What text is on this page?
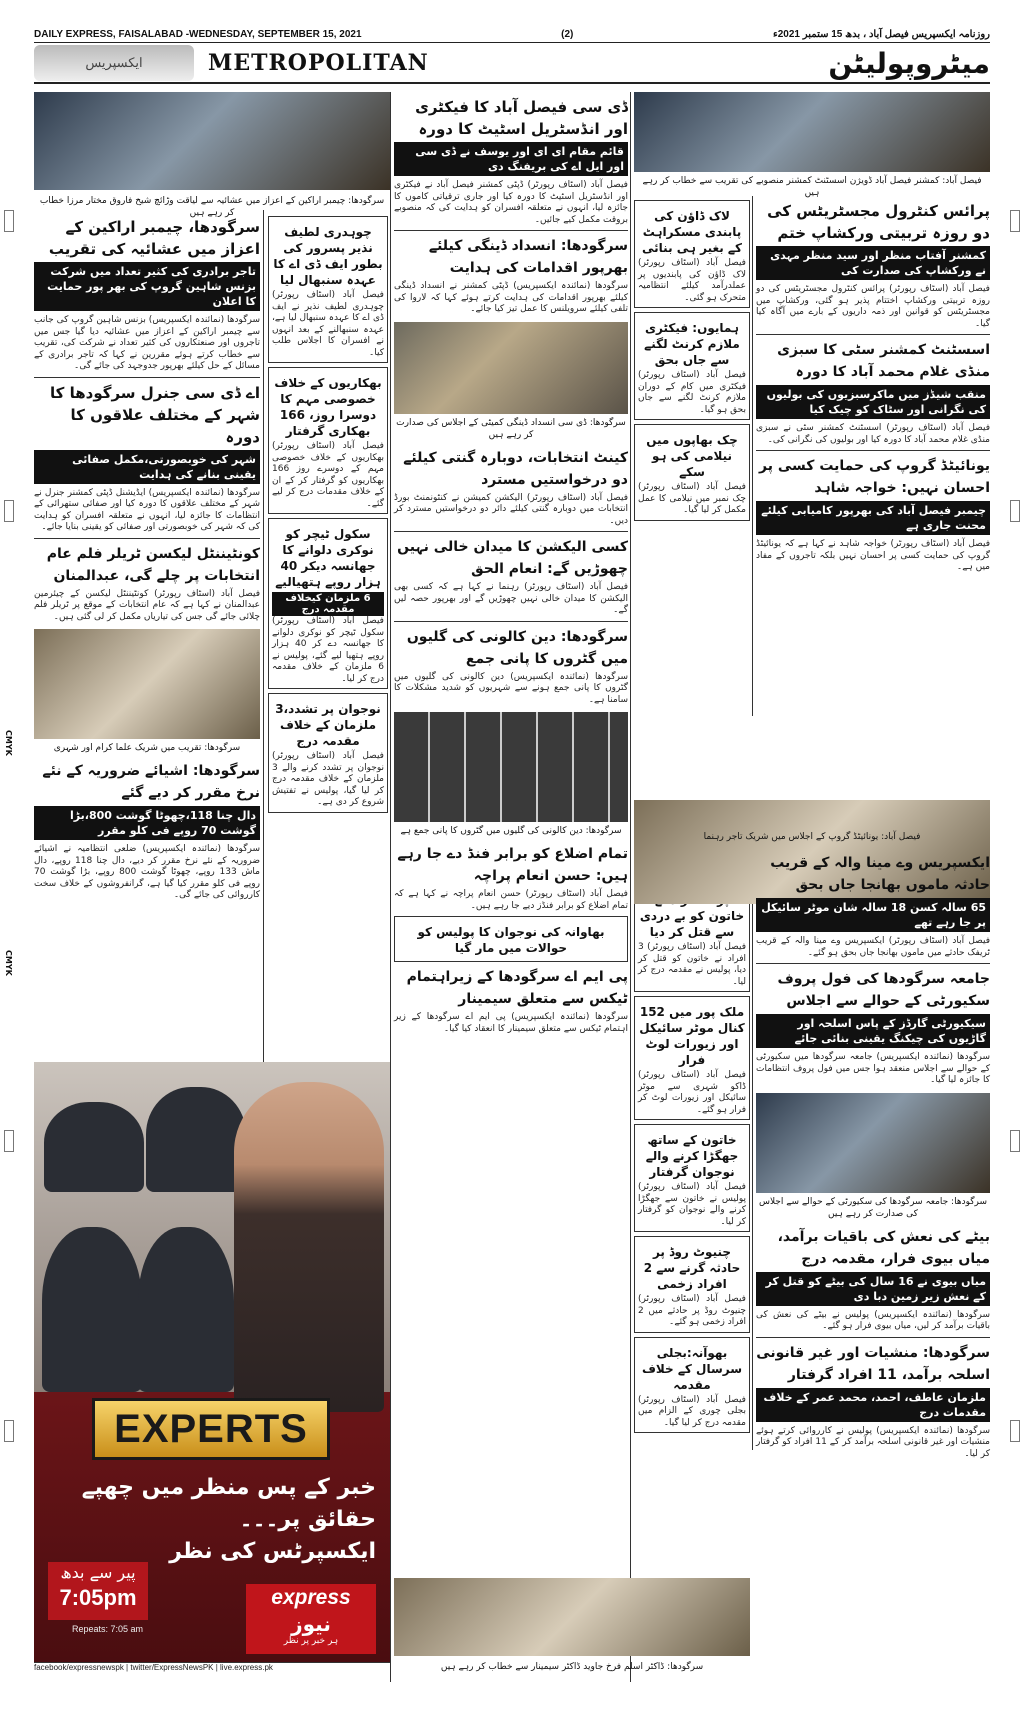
DAILY EXPRESS, FAISALABAD -WEDNESDAY, SEPTEMBER 15, 2021	(2)	روزنامہ ایکسپریس فیصل آباد ، بدھ 15 ستمبر 2021ء
ایکسپریس	METROPOLITAN	میٹروپولیٹن
سرگودھا: چیمبر اراکین کے اعزاز میں عشائیہ سے لیاقت وڑائچ شیخ فاروق مختار مرزا خطاب کر رہے ہیں
سرگودھا، چیمبر اراکین کے اعزاز میں عشائیہ کی تقریب
تاجر برادری کی کثیر تعداد میں شرکت بزنس شاہین گروپ کی بھر پور حمایت کا اعلان
سرگودھا (نمائندہ ایکسپریس) بزنس شاہین گروپ کی جانب سے چیمبر اراکین کے اعزاز میں عشائیہ دیا گیا جس میں تاجروں اور صنعتکاروں کی کثیر تعداد نے شرکت کی، تقریب سے خطاب کرتے ہوئے مقررین نے کہا کہ تاجر برادری کے مسائل کے حل کیلئے بھرپور جدوجہد کی جائے گی۔
اے ڈی سی جنرل سرگودھا کا شہر کے مختلف علاقوں کا دورہ
شہر کی خوبصورتی،مکمل صفائی یقینی بنانے کی ہدایت
سرگودھا (نمائندہ ایکسپریس) ایڈیشنل ڈپٹی کمشنر جنرل نے شہر کے مختلف علاقوں کا دورہ کیا اور صفائی ستھرائی کے انتظامات کا جائزہ لیا، انہوں نے متعلقہ افسران کو ہدایت کی کہ شہر کی خوبصورتی اور صفائی کو یقینی بنایا جائے۔
کونٹیننٹل لیکسن ٹریلر فلم عام انتخابات پر چلے گی، عبدالمنان
فیصل آباد (اسٹاف رپورٹر) کونٹیننٹل لیکسن کے چیئرمین عبدالمنان نے کہا ہے کہ عام انتخابات کے موقع پر ٹریلر فلم چلائی جائے گی جس کی تیاریاں مکمل کر لی گئی ہیں۔
سرگودھا: تقریب میں شریک علما کرام اور شہری
سرگودھا: اشیائے ضروریہ کے نئے نرخ مقرر کر دیے گئے
دال چنا 118،چھوٹا گوشت 800،بڑا گوشت 70 روپے فی کلو مقرر
سرگودھا (نمائندہ ایکسپریس) ضلعی انتظامیہ نے اشیائے ضروریہ کے نئے نرخ مقرر کر دیے، دال چنا 118 روپے، دال ماش 133 روپے، چھوٹا گوشت 800 روپے، بڑا گوشت 70 روپے فی کلو مقرر کیا گیا ہے، گرانفروشوں کے خلاف سخت کارروائی کی جائے گی۔
چوہدری لطیف نذیر پسرور کی بطور ایف ڈی اے کا عہدہ سنبھال لیا
فیصل آباد (اسٹاف رپورٹر) چوہدری لطیف نذیر نے ایف ڈی اے کا عہدہ سنبھال لیا ہے، عہدہ سنبھالنے کے بعد انہوں نے افسران کا اجلاس طلب کیا۔
بھکاریوں کے خلاف خصوصی مہم کا دوسرا روز، 166 بھکاری گرفتار
فیصل آباد (اسٹاف رپورٹر) بھکاریوں کے خلاف خصوصی مہم کے دوسرے روز 166 بھکاریوں کو گرفتار کر کے ان کے خلاف مقدمات درج کر لیے گئے۔
سکول ٹیچر کو نوکری دلوانے کا جھانسہ دیکر 40 ہزار روپے ہتھیالیے
6 ملزمان کیخلاف مقدمہ درج
فیصل آباد (اسٹاف رپورٹر) سکول ٹیچر کو نوکری دلوانے کا جھانسہ دے کر 40 ہزار روپے ہتھیا لیے گئے، پولیس نے 6 ملزمان کے خلاف مقدمہ درج کر لیا۔
نوجوان پر تشدد،3 ملزمان کے خلاف مقدمہ درج
فیصل آباد (اسٹاف رپورٹر) نوجوان پر تشدد کرنے والے 3 ملزمان کے خلاف مقدمہ درج کر لیا گیا، پولیس نے تفتیش شروع کر دی ہے۔
ڈی سی فیصل آباد کا فیکٹری اور انڈسٹریل اسٹیٹ کا دورہ
قائم مقام ای ای اور یوسف نے ڈی سی اور ایل اے کی بریفنگ دی
فیصل آباد (اسٹاف رپورٹر) ڈپٹی کمشنر فیصل آباد نے فیکٹری اور انڈسٹریل اسٹیٹ کا دورہ کیا اور جاری ترقیاتی کاموں کا جائزہ لیا، انہوں نے متعلقہ افسران کو ہدایت کی کہ منصوبے بروقت مکمل کیے جائیں۔
سرگودھا: انسداد ڈینگی کیلئے بھرپور اقدامات کی ہدایت
سرگودھا (نمائندہ ایکسپریس) ڈپٹی کمشنر نے انسداد ڈینگی کیلئے بھرپور اقدامات کی ہدایت کرتے ہوئے کہا کہ لاروا کی تلفی کیلئے سرویلنس کا عمل تیز کیا جائے۔
سرگودھا: ڈی سی انسداد ڈینگی کمیٹی کے اجلاس کی صدارت کر رہے ہیں
کینٹ انتخابات، دوبارہ گنتی کیلئے دو درخواستیں مسترد
فیصل آباد (اسٹاف رپورٹر) الیکشن کمیشن نے کنٹونمنٹ بورڈ انتخابات میں دوبارہ گنتی کیلئے دائر دو درخواستیں مسترد کر دیں۔
کسی الیکشن کا میدان خالی نہیں چھوڑیں گے: انعام الحق
فیصل آباد (اسٹاف رپورٹر) رہنما نے کہا ہے کہ کسی بھی الیکشن کا میدان خالی نہیں چھوڑیں گے اور بھرپور حصہ لیں گے۔
سرگودھا: دین کالونی کی گلیوں میں گٹروں کا پانی جمع
سرگودھا (نمائندہ ایکسپریس) دین کالونی کی گلیوں میں گٹروں کا پانی جمع ہونے سے شہریوں کو شدید مشکلات کا سامنا ہے۔
سرگودھا: دین کالونی کی گلیوں میں گٹروں کا پانی جمع ہے
تمام اضلاع کو برابر فنڈ دے جا رہے ہیں: حسن انعام پراچہ
فیصل آباد (اسٹاف رپورٹر) حسن انعام پراچہ نے کہا ہے کہ تمام اضلاع کو برابر فنڈز دیے جا رہے ہیں۔
بھاوانہ کی نوجوان کا پولیس کو حوالات میں مار گیا
پی ایم اے سرگودھا کے زیراہتمام ٹیکس سے متعلق سیمینار
سرگودھا (نمائندہ ایکسپریس) پی ایم اے سرگودھا کے زیر اہتمام ٹیکس سے متعلق سیمینار کا انعقاد کیا گیا۔
سرگودھا: ڈاکٹر اسلم فرخ جاوید ڈاکٹر سیمینار سے خطاب کر رہے ہیں
لاک ڈاؤن کی پابندی مسکراہٹ کے بغیر ہی بنائی
فیصل آباد (اسٹاف رپورٹر) لاک ڈاؤن کی پابندیوں پر عملدرآمد کیلئے انتظامیہ متحرک ہو گئی۔
ہمایوں: فیکٹری ملازم کرنٹ لگنے سے جاں بحق
فیصل آباد (اسٹاف رپورٹر) فیکٹری میں کام کے دوران ملازم کرنٹ لگنے سے جاں بحق ہو گیا۔
چک بھاپوں میں نیلامی کی ہو سکے
فیصل آباد (اسٹاف رپورٹر) چک نمبر میں نیلامی کا عمل مکمل کر لیا گیا۔
خاتون کو بے دردی سے قتل کر دیا
فیصل آباد (اسٹاف رپورٹر) 3 افراد نے خاتون کو قتل کر دیا، پولیس نے مقدمہ درج کر لیا۔
ملک پور میں 152 کنال موٹر سائیکل اور زیورات لوٹ فرار
فیصل آباد (اسٹاف رپورٹر) ڈاکو شہری سے موٹر سائیکل اور زیورات لوٹ کر فرار ہو گئے۔
خاتون کے ساتھ جھگڑا کرنے والے نوجوان گرفتار
فیصل آباد (اسٹاف رپورٹر) پولیس نے خاتون سے جھگڑا کرنے والے نوجوان کو گرفتار کر لیا۔
چنیوٹ روڈ پر حادثہ گرنے سے 2 افراد زخمی
فیصل آباد (اسٹاف رپورٹر) چنیوٹ روڈ پر حادثے میں 2 افراد زخمی ہو گئے۔
بھوآنہ:بجلی سرسال کے خلاف مقدمہ
فیصل آباد (اسٹاف رپورٹر) بجلی چوری کے الزام میں مقدمہ درج کر لیا گیا۔
فیصل آباد: کمشنر فیصل آباد ڈویژن اسسٹنٹ کمشنر منصوبے کی تقریب سے خطاب کر رہے ہیں
پرائس کنٹرول مجسٹریٹس کی دو روزہ تربیتی ورکشاپ ختم
کمشنر آفتاب منظر اور سید منظر مہدی نے ورکشاپ کی صدارت کی
فیصل آباد (اسٹاف رپورٹر) پرائس کنٹرول مجسٹریٹس کی دو روزہ تربیتی ورکشاپ اختتام پذیر ہو گئی، ورکشاپ میں مجسٹریٹس کو قوانین اور ذمہ داریوں کے بارے میں آگاہ کیا گیا۔
اسسٹنٹ کمشنر سٹی کا سبزی منڈی غلام محمد آباد کا دورہ
منقب شیڈز میں ماکرسبزیوں کی بولیوں کی نگرانی اور سٹاک کو چیک کیا
فیصل آباد (اسٹاف رپورٹر) اسسٹنٹ کمشنر سٹی نے سبزی منڈی غلام محمد آباد کا دورہ کیا اور بولیوں کی نگرانی کی۔
یونائیٹڈ گروپ کی حمایت کسی پر احسان نہیں: خواجہ شاہد
چیمبر فیصل آباد کی بھرپور کامیابی کیلئے محنت جاری ہے
فیصل آباد (اسٹاف رپورٹر) خواجہ شاہد نے کہا ہے کہ یونائیٹڈ گروپ کی حمایت کسی پر احسان نہیں بلکہ تاجروں کے مفاد میں ہے۔
فیصل آباد: یونائیٹڈ گروپ کے اجلاس میں شریک تاجر رہنما
ایکسپریس وے مینا والہ کے قریب حادثہ ماموں بھانجا جاں بحق
65 سالہ کسن 18 سالہ شان موٹر سائیکل پر جا رہے تھے
فیصل آباد (اسٹاف رپورٹر) ایکسپریس وے مینا والہ کے قریب ٹریفک حادثے میں ماموں بھانجا جاں بحق ہو گئے۔
جامعہ سرگودھا کی فول پروف سکیورٹی کے حوالے سے اجلاس
سیکیورٹی گارڈز کے پاس اسلحہ اور گاڑیوں کی چیکنگ یقینی بنائی جائے
سرگودھا (نمائندہ ایکسپریس) جامعہ سرگودھا میں سکیورٹی کے حوالے سے اجلاس منعقد ہوا جس میں فول پروف انتظامات کا جائزہ لیا گیا۔
سرگودھا: جامعہ سرگودھا کی سکیورٹی کے حوالے سے اجلاس کی صدارت کر رہے ہیں
بیٹے کی نعش کی باقیات برآمد، میاں بیوی فرار، مقدمہ درج
میاں بیوی نے 16 سال کی بیٹے کو قتل کر کے نعش زیر زمین دبا دی
سرگودھا (نمائندہ ایکسپریس) پولیس نے بیٹے کی نعش کی باقیات برآمد کر لیں، میاں بیوی فرار ہو گئے۔
سرگودھا: منشیات اور غیر قانونی اسلحہ برآمد، 11 افراد گرفتار
ملزمان عاطف، احمد، محمد عمر کے خلاف مقدمات درج
سرگودھا (نمائندہ ایکسپریس) پولیس نے کارروائی کرتے ہوئے منشیات اور غیر قانونی اسلحہ برآمد کر کے 11 افراد کو گرفتار کر لیا۔
EXPERTS
خبر کے پس منظر میں چھپے حقائق پر۔۔۔
ایکسپرٹس کی نظر
پیر سے بدھ
7:05pm
Repeats: 7:05 am
express
نیوز
ہر خبر پر نظر
facebook/expressnewspk | twitter/ExpressNewsPK | live.express.pk
CMYK
CMYK
